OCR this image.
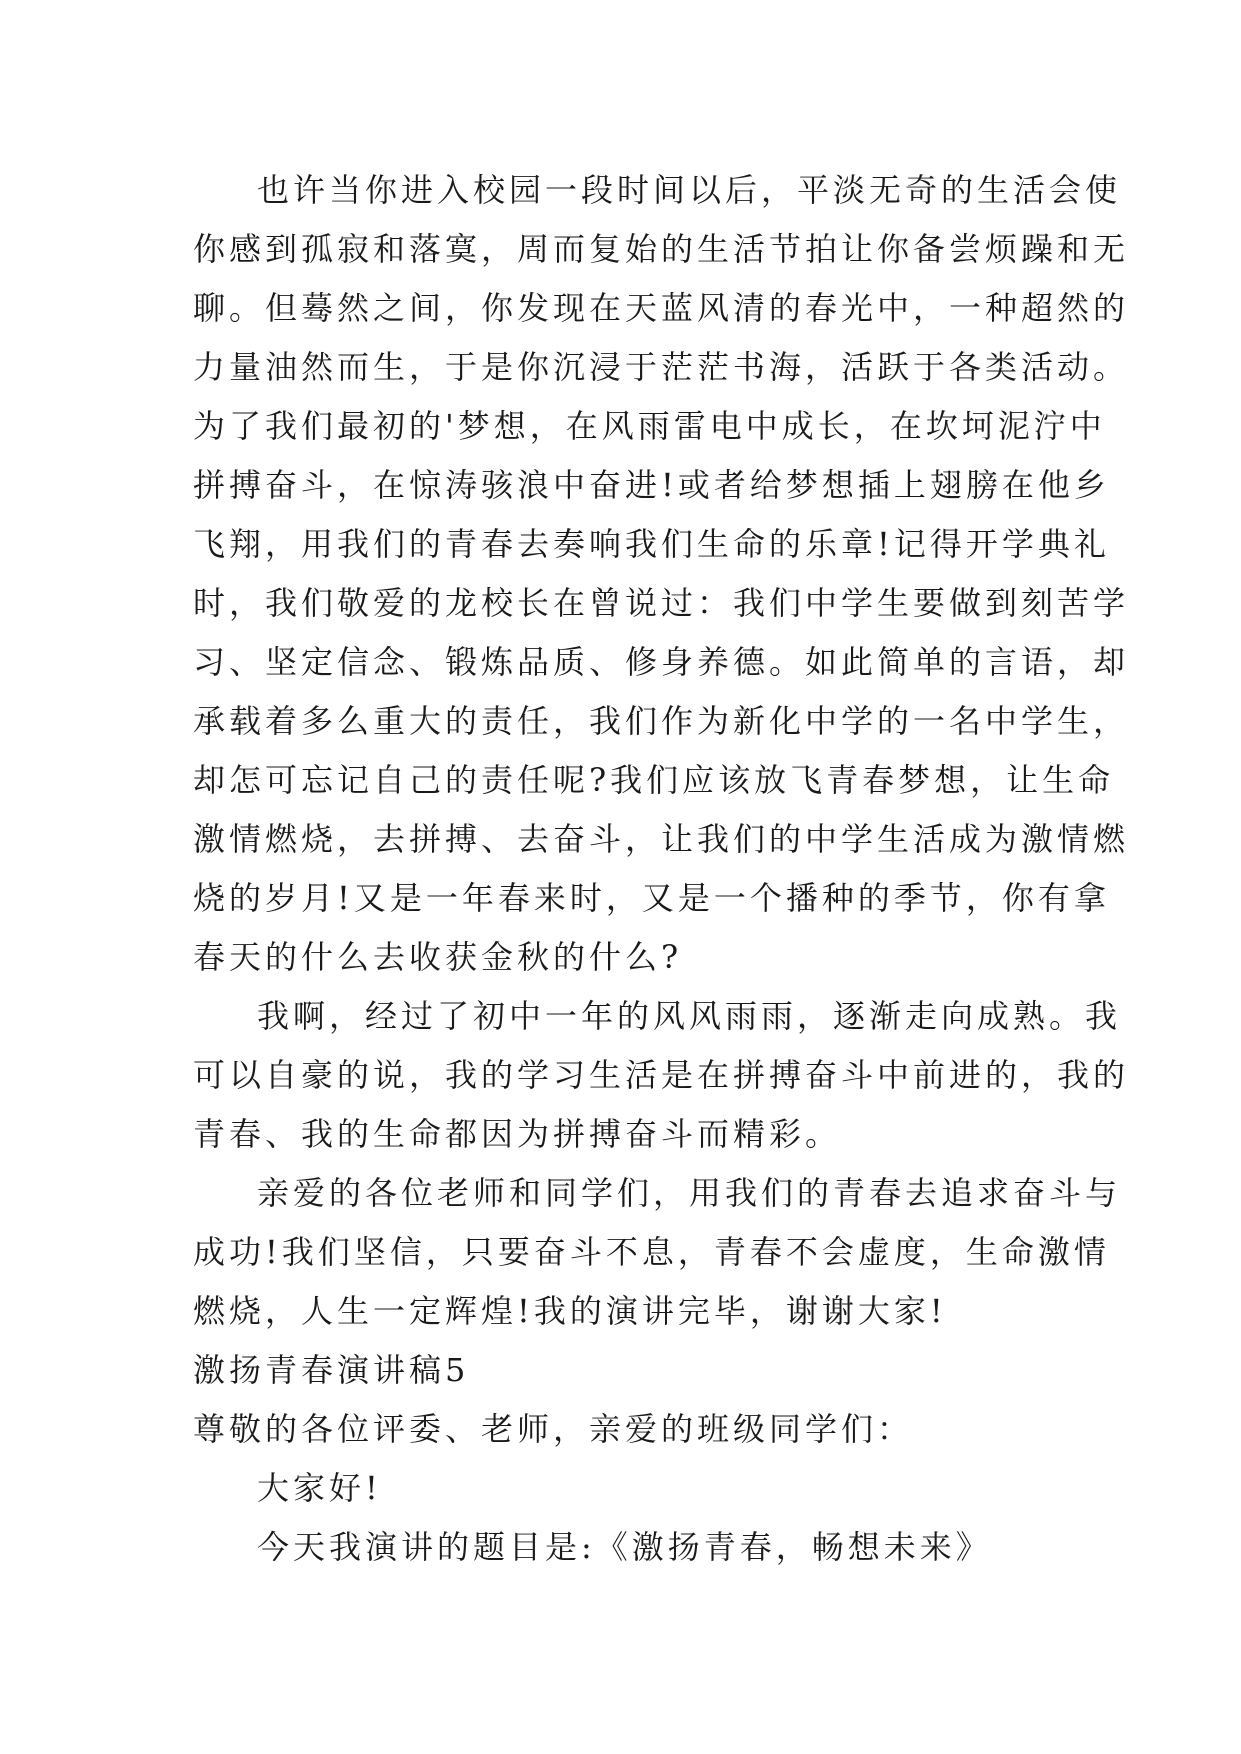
也许当你进入校园一段时间以后，平淡无奇的生活会使
你感到孤寂和落寞，周而复始的生活节拍让你备尝烦躁和无
聊。但蓦然之间，你发现在天蓝风清的春光中，一种超然的
力量油然而生，于是你沉浸于茫茫书海，活跃于各类活动。
为了我们最初的'梦想，在风雨雷电中成长，在坎坷泥泞中
拼搏奋斗，在惊涛骇浪中奋进!或者给梦想插上翅膀在他乡
飞翔，用我们的青春去奏响我们生命的乐章!记得开学典礼
时，我们敬爱的龙校长在曾说过：我们中学生要做到刻苦学
习、坚定信念、锻炼品质、修身养德。如此简单的言语，却
承载着多么重大的责任，我们作为新化中学的一名中学生，
却怎可忘记自己的责任呢?我们应该放飞青春梦想，让生命
激情燃烧，去拼搏、去奋斗，让我们的中学生活成为激情燃
烧的岁月!又是一年春来时，又是一个播种的季节，你有拿
春天的什么去收获金秋的什么?
我啊，经过了初中一年的风风雨雨，逐渐走向成熟。我
可以自豪的说，我的学习生活是在拼搏奋斗中前进的，我的
青春、我的生命都因为拼搏奋斗而精彩。
亲爱的各位老师和同学们，用我们的青春去追求奋斗与
成功!我们坚信，只要奋斗不息，青春不会虚度，生命激情
燃烧，人生一定辉煌!我的演讲完毕，谢谢大家!
激扬青春演讲稿5
尊敬的各位评委、老师，亲爱的班级同学们：
大家好!
今天我演讲的题目是:《激扬青春，畅想未来》
